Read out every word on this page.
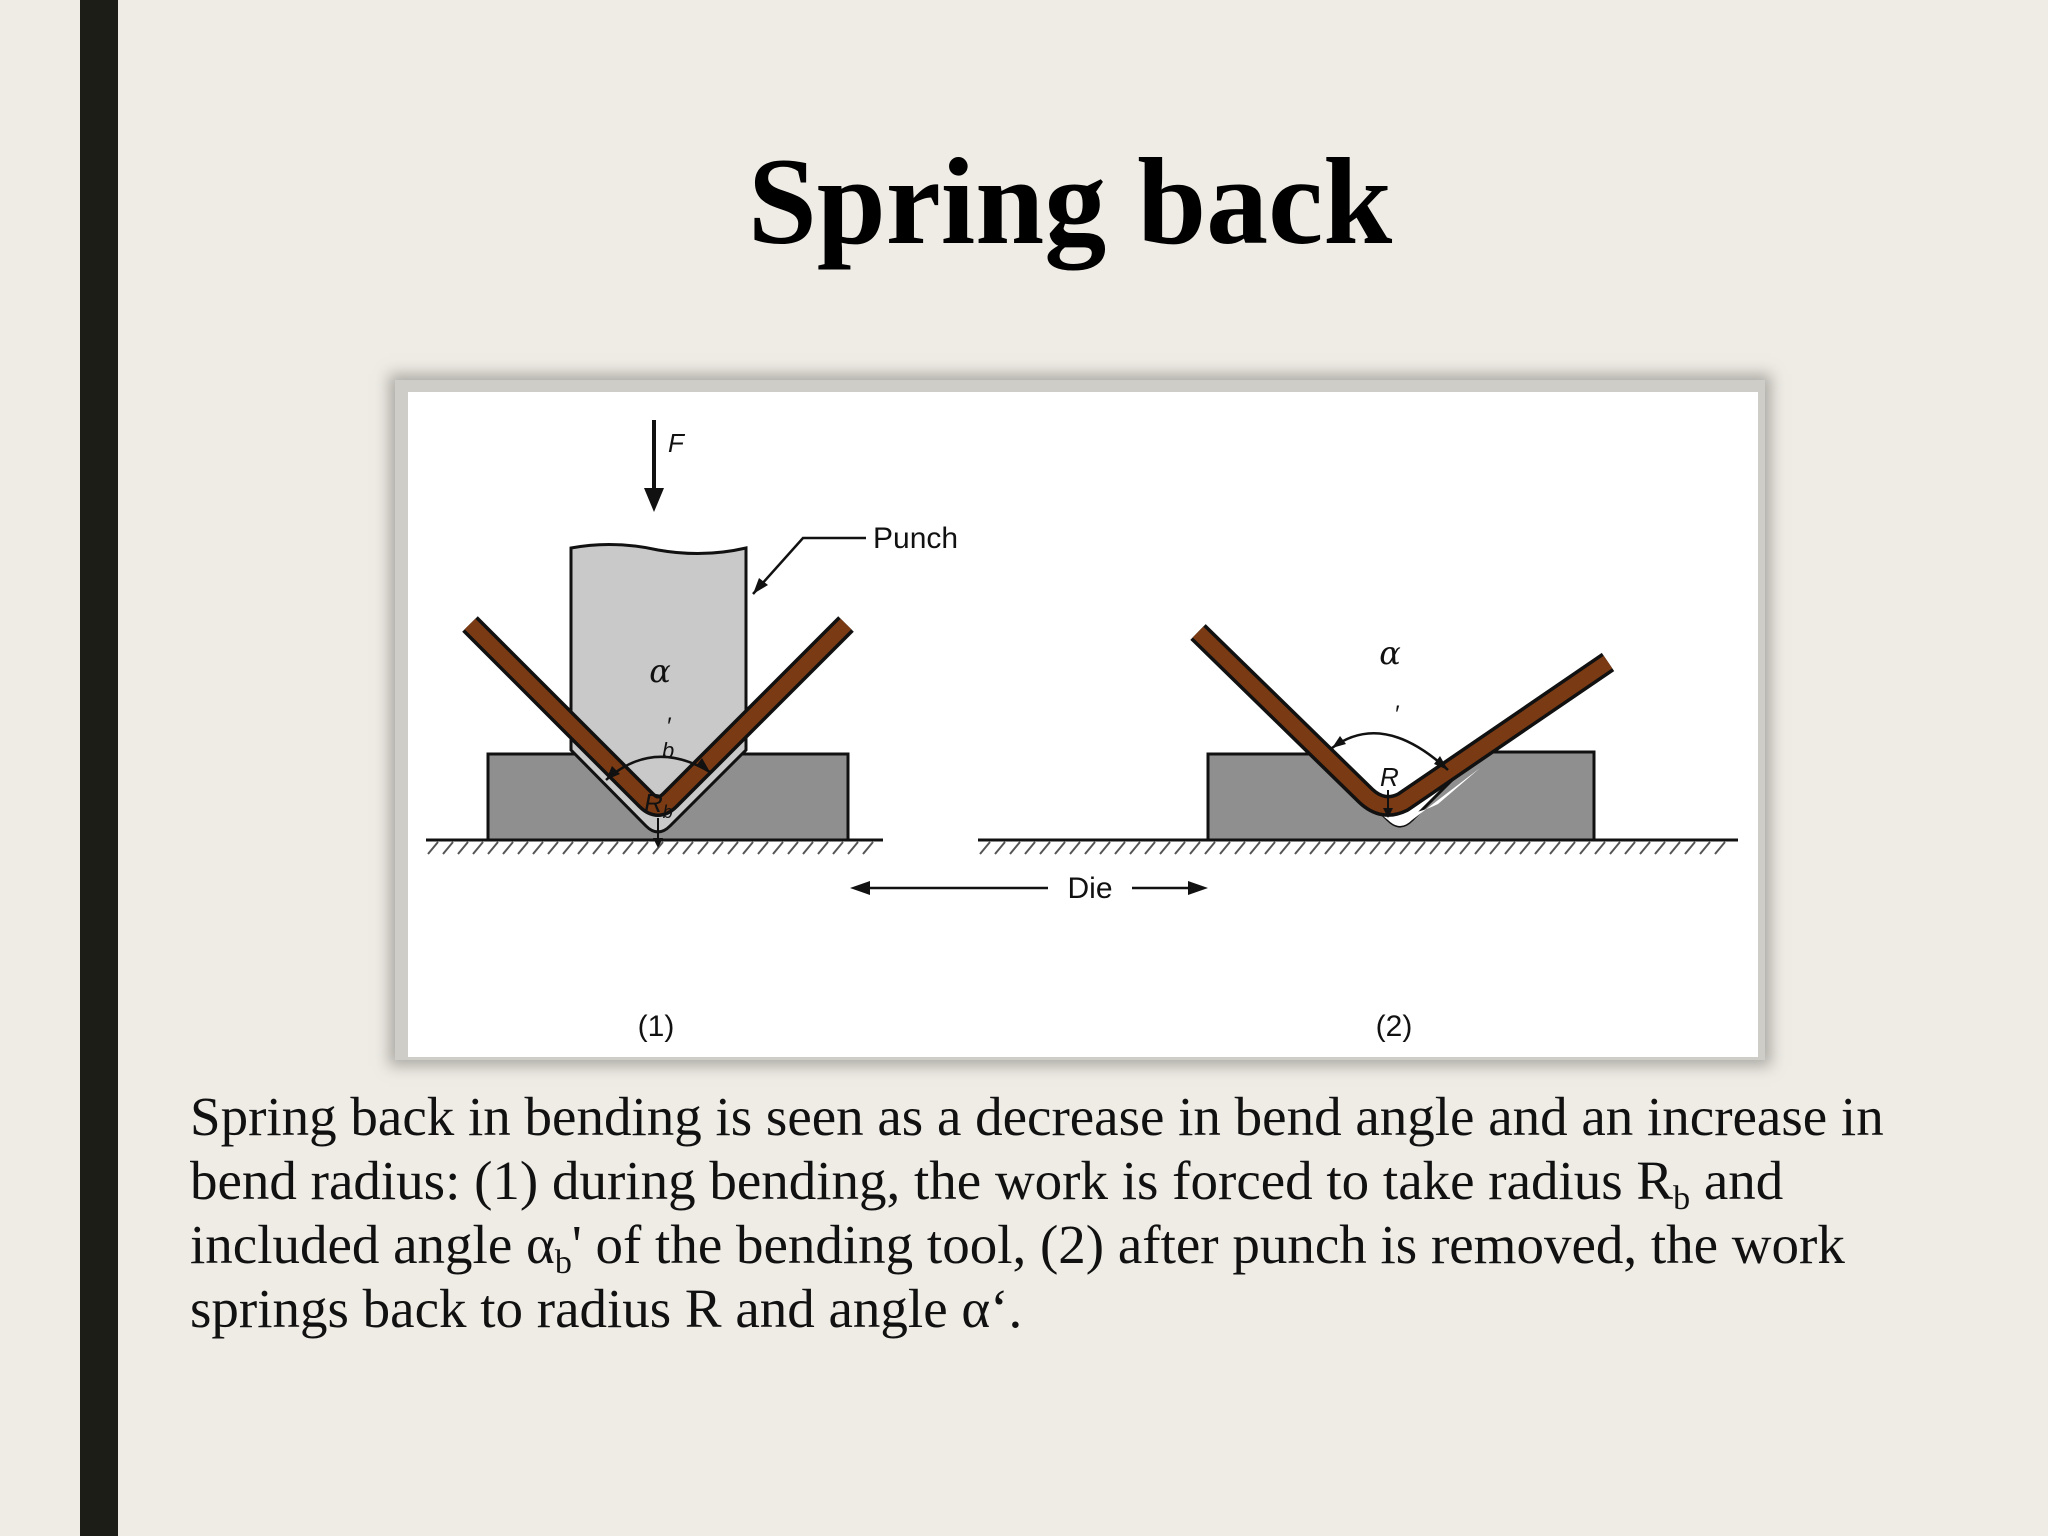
Spring back
F
Punch
α
′
b
$R_b$
(1)
Die
α
′
R
(2)
Spring back in bending is seen as a decrease in bend angle and an increase in
bend radius: (1) during bending, the work is forced to take radius $R_b$ and
included angle $\alpha_b'$ of the bending tool, (2) after punch is removed, the work
springs back to radius R and angle α‘.
